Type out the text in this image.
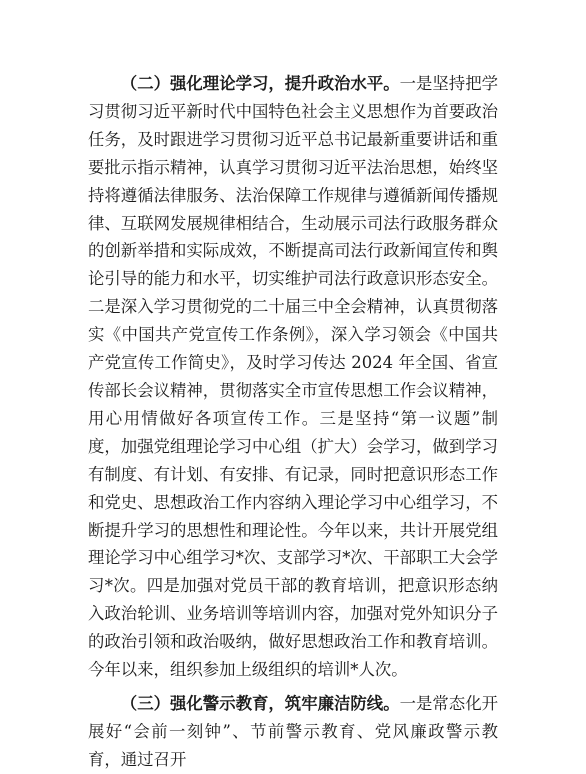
（二）强化理论学习，提升政治水平。一是坚持把学习贯彻习近平新时代中国特色社会主义思想作为首要政治任务，及时跟进学习贯彻习近平总书记最新重要讲话和重要批示指示精神，认真学习贯彻习近平法治思想，始终坚持将遵循法律服务、法治保障工作规律与遵循新闻传播规律、互联网发展规律相结合，生动展示司法行政服务群众的创新举措和实际成效，不断提高司法行政新闻宣传和舆论引导的能力和水平，切实维护司法行政意识形态安全。二是深入学习贯彻党的二十届三中全会精神，认真贯彻落实《中国共产党宣传工作条例》，深入学习领会《中国共产党宣传工作简史》，及时学习传达 2024 年全国、省宣传部长会议精神，贯彻落实全市宣传思想工作会议精神，用心用情做好各项宣传工作。三是坚持“第一议题”制度，加强党组理论学习中心组（扩大）会学习，做到学习有制度、有计划、有安排、有记录，同时把意识形态工作和党史、思想政治工作内容纳入理论学习中心组学习，不断提升学习的思想性和理论性。今年以来，共计开展党组理论学习中心组学习*次、支部学习*次、干部职工大会学习*次。四是加强对党员干部的教育培训，把意识形态纳入政治轮训、业务培训等培训内容，加强对党外知识分子的政治引领和政治吸纳，做好思想政治工作和教育培训。今年以来，组织参加上级组织的培训*人次。

（三）强化警示教育，筑牢廉洁防线。一是常态化开展好“会前一刻钟”、节前警示教育、党风廉政警示教育，通过召开
